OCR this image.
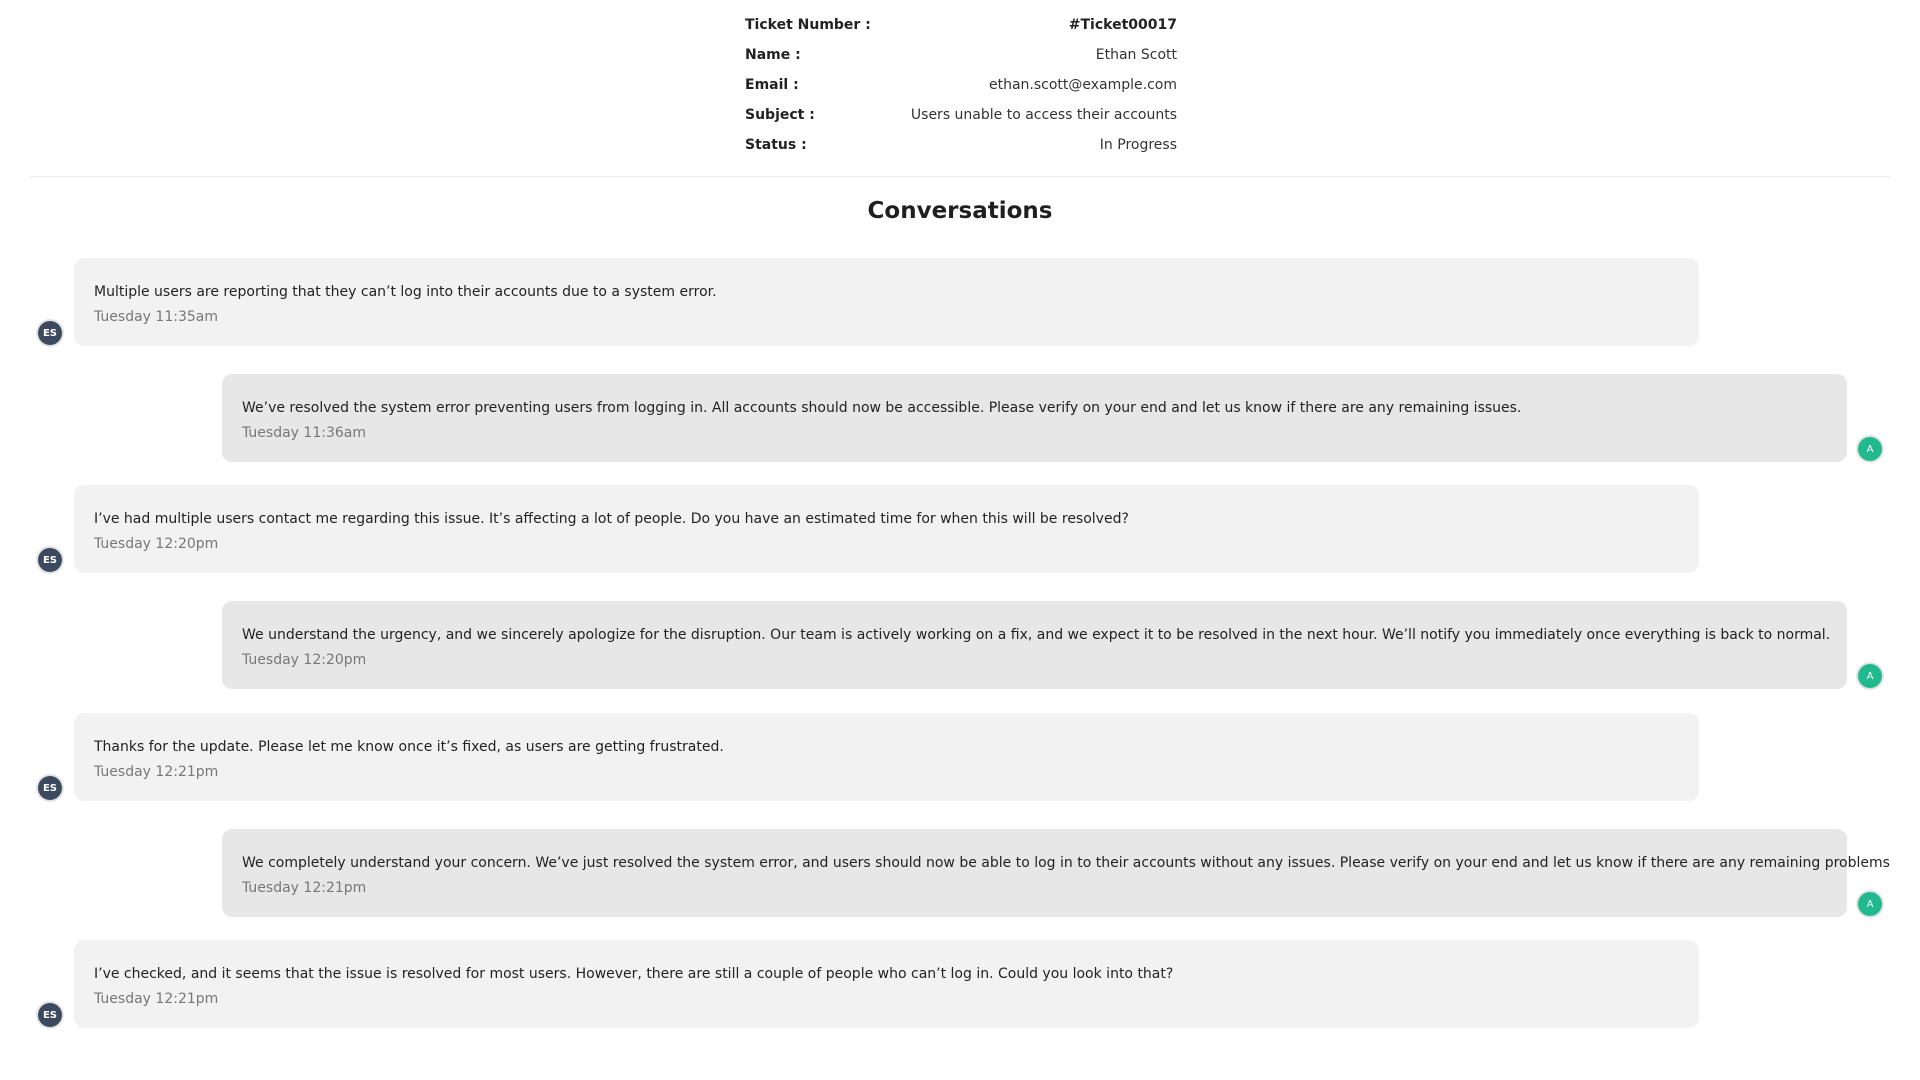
Ticket Number :	#Ticket00017
Name :	Ethan Scott
Email :	ethan.scott@example.com
Subject :	Users unable to access their accounts
Status :	In Progress
Conversations
Multiple users are reporting that they can’t log into their accounts due to a system error.
Tuesday 11:35am
ES
We’ve resolved the system error preventing users from logging in. All accounts should now be accessible. Please verify on your end and let us know if there are any remaining issues.
Tuesday 11:36am
A
I’ve had multiple users contact me regarding this issue. It’s affecting a lot of people. Do you have an estimated time for when this will be resolved?
Tuesday 12:20pm
ES
We understand the urgency, and we sincerely apologize for the disruption. Our team is actively working on a fix, and we expect it to be resolved in the next hour. We’ll notify you immediately once everything is back to normal.
Tuesday 12:20pm
A
Thanks for the update. Please let me know once it’s fixed, as users are getting frustrated.
Tuesday 12:21pm
ES
We completely understand your concern. We’ve just resolved the system error, and users should now be able to log in to their accounts without any issues. Please verify on your end and let us know if there are any remaining problems
Tuesday 12:21pm
A
I’ve checked, and it seems that the issue is resolved for most users. However, there are still a couple of people who can’t log in. Could you look into that?
Tuesday 12:21pm
ES
